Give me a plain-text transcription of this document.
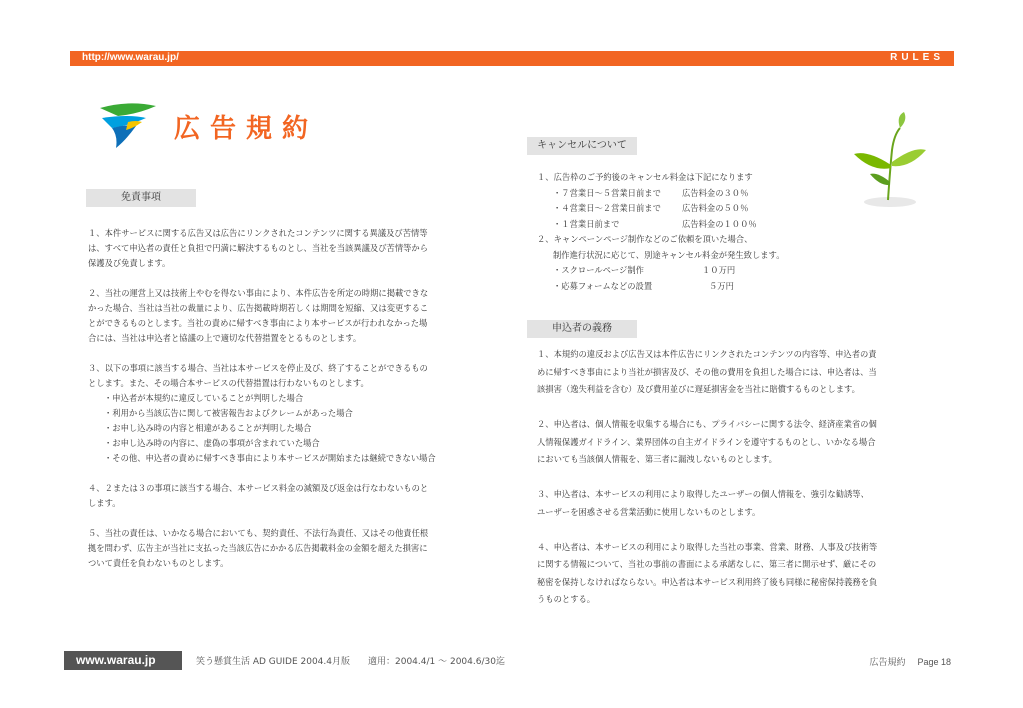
http://www.warau.jp/	RULES
広告規約
免責事項
１、本件サービスに関する広告又は広告にリンクされたコンテンツに関する異議及び苦情等
は、すべて申込者の責任と負担で円満に解決するものとし、当社を当該異議及び苦情等から
保護及び免責します。
２、当社の運営上又は技術上やむを得ない事由により、本件広告を所定の時期に掲載できな
かった場合、当社は当社の裁量により、広告掲載時期若しくは期間を短縮、又は変更するこ
とができるものとします。当社の責めに帰すべき事由により本サービスが行われなかった場
合には、当社は申込者と協議の上で適切な代替措置をとるものとします。
３、以下の事項に該当する場合、当社は本サービスを停止及び、終了することができるもの
とします。また、その場合本サービスの代替措置は行わないものとします。
・申込者が本規約に違反していることが判明した場合
・利用から当該広告に関して被害報告およびクレームがあった場合
・お申し込み時の内容と相違があることが判明した場合
・お申し込み時の内容に、虚偽の事項が含まれていた場合
・その他、申込者の責めに帰すべき事由により本サービスが開始または継続できない場合
４、２または３の事項に該当する場合、本サービス料金の減額及び返金は行なわないものと
します。
５、当社の責任は、いかなる場合においても、契約責任、不法行為責任、又はその他責任根
拠を問わず、広告主が当社に支払った当該広告にかかる広告掲載料金の金額を超えた損害に
ついて責任を負わないものとします。
キャンセルについて
１、広告枠のご予約後のキャンセル料金は下記になります
・７営業日～５営業日前まで	広告料金の３０％
・４営業日～２営業日前まで	広告料金の５０％
・１営業日前まで	広告料金の１００％
２、キャンペーンページ制作などのご依頼を頂いた場合、
制作進行状況に応じて、別途キャンセル料金が発生致します。
・スクロールページ制作	１０万円
・応募フォームなどの設置	５万円
申込者の義務
１、本規約の違反および広告又は本件広告にリンクされたコンテンツの内容等、申込者の責
めに帰すべき事由により当社が損害及び、その他の費用を負担した場合には、申込者は、当
該損害（逸失利益を含む）及び費用並びに遅延損害金を当社に賠償するものとします。
２、申込者は、個人情報を収集する場合にも、プライバシーに関する法令、経済産業省の個
人情報保護ガイドライン、業界団体の自主ガイドラインを遵守するものとし、いかなる場合
においても当該個人情報を、第三者に漏洩しないものとします。
３、申込者は、本サービスの利用により取得したユーザーの個人情報を、強引な勧誘等、
ユーザーを困惑させる営業活動に使用しないものとします。
４、申込者は、本サービスの利用により取得した当社の事業、営業、財務、人事及び技術等
に関する情報について、当社の事前の書面による承諾なしに、第三者に開示せず、厳にその
秘密を保持しなければならない。申込者は本サービス利用終了後も同様に秘密保持義務を負
うものとする。
www.warau.jp	笑う懸賞生活 AD GUIDE 2004.4月版　　適用：2004.4/1 ～ 2004.6/30迄	広告規約 Page 18
